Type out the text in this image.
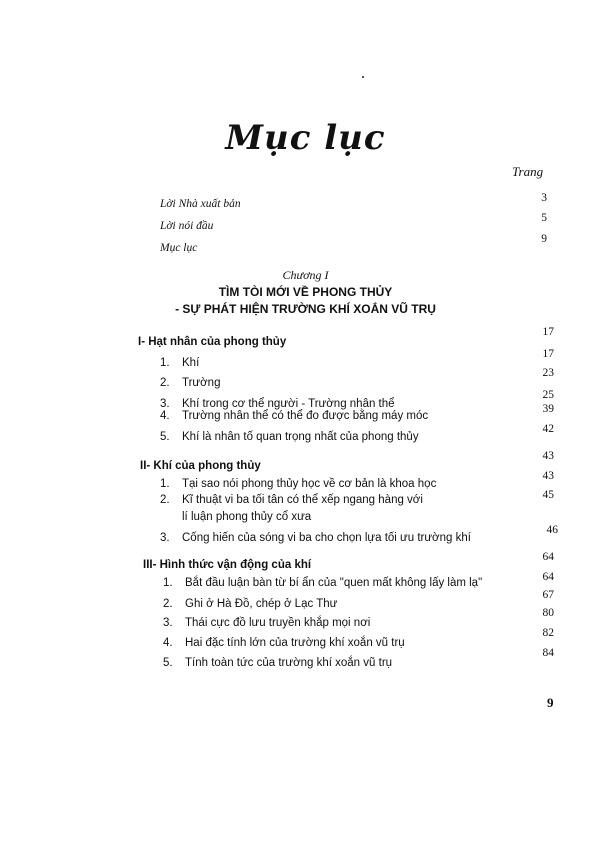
Mục lục
Trang
Lời Nhà xuất bản	3
Lời nói đầu
5
Mục lục
9
Chương I
TÌM TÒI MỚI VỀ PHONG THỦY
- SỰ PHÁT HIỆN TRƯỜNG KHÍ XOẮN VŨ TRỤ
I- Hạt nhân của phong thủy
17
1. Khí
17
2. Trường
23
3. Khí trong cơ thể người - Trường nhân thể
25
4. Trường nhân thể có thể đo được bằng máy móc
39
5. Khí là nhân tố quan trọng nhất của phong thủy
42
II- Khí của phong thủy
43
1. Tại sao nói phong thủy học về cơ bản là khoa học
43
2. Kĩ thuật vi ba tối tân có thể xếp ngang hàng với
lí luận phong thủy cổ xưa
45
3. Cống hiến của sóng vi ba cho chọn lựa tối ưu trường khí
46
III- Hình thức vận động của khí
64
1. Bắt đầu luận bàn từ bí ẩn của "quen mất không lấy làm lạ"	64
2. Ghi ở Hà Đồ, chép ở Lạc Thư
67
3. Thái cực đồ lưu truyền khắp mọi nơi
80
4. Hai đặc tính lớn của trường khí xoắn vũ trụ
82
5. Tính toàn tức của trường khí xoắn vũ trụ
84
9
